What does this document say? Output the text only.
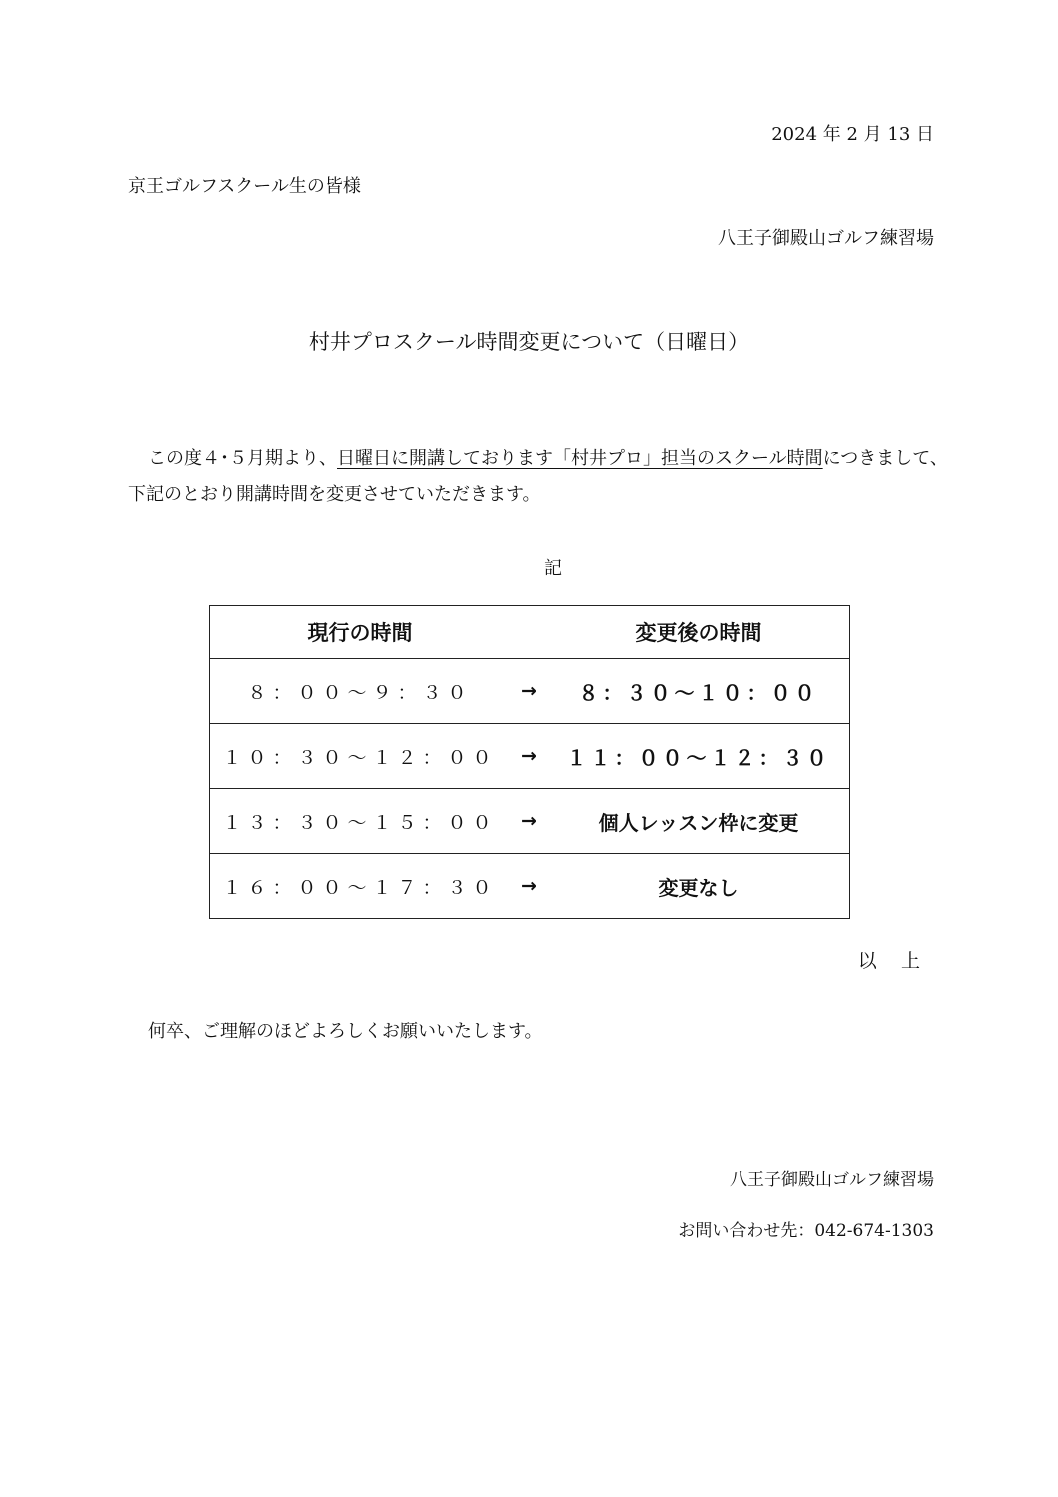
2024 年 2 月 13 日
京王ゴルフスクール生の皆様
八王子御殿山ゴルフ練習場
村井プロスクール時間変更について（日曜日）
この度４･５月期より、日曜日に開講しております「村井プロ」担当のスクール時間につきまして、下記のとおり開講時間を変更させていただきます。
記
現行の時間		変更後の時間
８：００～９：３０	→	８：３０～１０：００
１０：３０～１２：００	→	１１：００～１２：３０
１３：３０～１５：００	→	個人レッスン枠に変更
１６：００～１７：３０	→	変更なし
以 上
何卒、ご理解のほどよろしくお願いいたします。
八王子御殿山ゴルフ練習場
お問い合わせ先：042-674-1303
